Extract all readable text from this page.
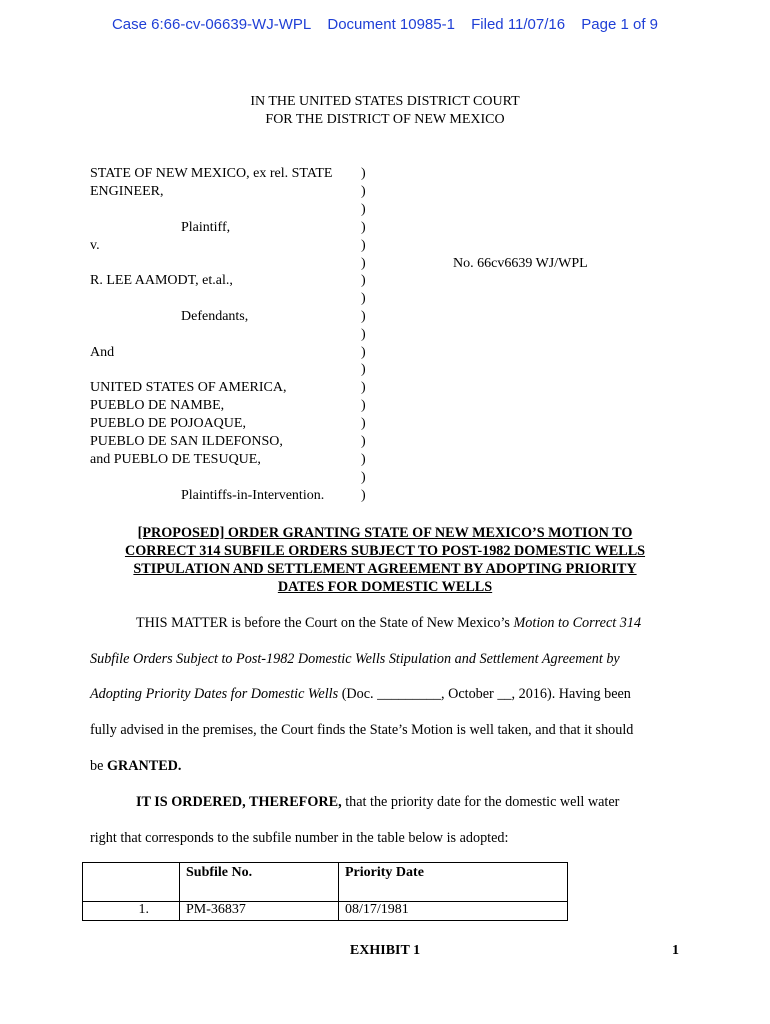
Case 6:66-cv-06639-WJ-WPL Document 10985-1 Filed 11/07/16 Page 1 of 9
IN THE UNITED STATES DISTRICT COURT
FOR THE DISTRICT OF NEW MEXICO
STATE OF NEW MEXICO, ex rel. STATE
ENGINEER,
Plaintiff,
v.
R. LEE AAMODT, et.al.,
Defendants,
And
UNITED STATES OF AMERICA,
PUEBLO DE NAMBE,
PUEBLO DE POJOAQUE,
PUEBLO DE SAN ILDEFONSO,
and PUEBLO DE TESUQUE,
Plaintiffs-in-Intervention.
)
)
)
)
)
)
)
)
)
)
)
)
)
)
)
)
)
)
)
No. 66cv6639 WJ/WPL
[PROPOSED] ORDER GRANTING STATE OF NEW MEXICO’S MOTION TO
CORRECT 314 SUBFILE ORDERS SUBJECT TO POST-1982 DOMESTIC WELLS
STIPULATION AND SETTLEMENT AGREEMENT BY ADOPTING PRIORITY
DATES FOR DOMESTIC WELLS
THIS MATTER is before the Court on the State of New Mexico’s Motion to Correct 314
Subfile Orders Subject to Post-1982 Domestic Wells Stipulation and Settlement Agreement by
Adopting Priority Dates for Domestic Wells (Doc. _________, October __, 2016). Having been
fully advised in the premises, the Court finds the State’s Motion is well taken, and that it should
be GRANTED.
IT IS ORDERED, THEREFORE, that the priority date for the domestic well water
right that corresponds to the subfile number in the table below is adopted:
	Subfile No.	Priority Date
1.	PM-36837	08/17/1981
EXHIBIT 1	1
